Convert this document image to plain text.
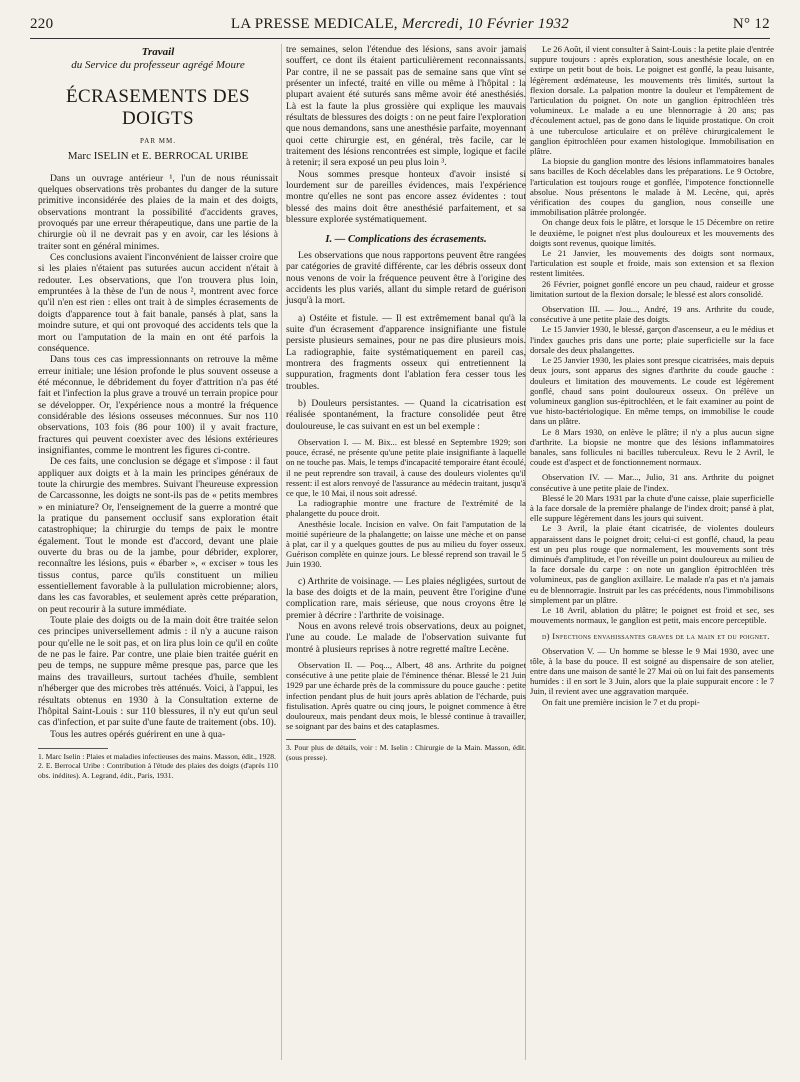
220	LA PRESSE MEDICALE, Mercredi, 10 Février 1932	N° 12
Travail
du Service du professeur agrégé Moure
ÉCRASEMENTS DES DOIGTS
PAR MM.
Marc ISELIN et E. BERROCAL URIBE

Dans un ouvrage antérieur ¹, l'un de nous réunissait quelques observations très probantes du danger de la suture primitive inconsidérée des plaies de la main et des doigts, observations montrant la possibilité d'accidents graves, provoqués par une erreur thérapeutique, dans une partie de la chirurgie où il ne devrait pas y en avoir, car les lésions à traiter sont en général minimes.

Ces conclusions avaient l'inconvénient de laisser croire que si les plaies n'étaient pas suturées aucun accident n'était à redouter. Les observations, que l'on trouvera plus loin, empruntées à la thèse de l'un de nous ², montrent avec force qu'il n'en est rien : elles ont trait à de simples écrasements de doigts d'apparence tout à fait banale, pansés à plat, sans la moindre suture, et qui ont provoqué des accidents tels que la mort ou l'amputation de la main en ont été parfois la conséquence.

Dans tous ces cas impressionnants on retrouve la même erreur initiale; une lésion profonde le plus souvent osseuse a été méconnue, le débridement du foyer d'attrition n'a pas été fait et l'infection la plus grave a trouvé un terrain propice pour se développer. Or, l'expérience nous a montré la fréquence considérable des lésions osseuses méconnues. Sur nos 110 observations, 103 fois (86 pour 100) il y avait fracture, fractures qui peuvent coexister avec des lésions extérieures insignifiantes, comme le montrent les figures ci-contre.

De ces faits, une conclusion se dégage et s'impose : il faut appliquer aux doigts et à la main les principes généraux de toute la chirurgie des membres. Suivant l'heureuse expression de Carcassonne, les doigts ne sont-ils pas de « petits membres » en miniature? Or, l'enseignement de la guerre a montré que la pratique du pansement occlusif sans exploration était catastrophique; la chirurgie du temps de paix le montre également. Tout le monde est d'accord, devant une plaie ouverte du bras ou de la jambe, pour débrider, explorer, reconnaître les lésions, puis « ébarber », « exciser » tous les tissus contus, parce qu'ils constituent un milieu essentiellement favorable à la pullulation microbienne; alors, dans les cas favorables, et seulement après cette préparation, on peut recourir à la suture immédiate.

Toute plaie des doigts ou de la main doit être traitée selon ces principes universellement admis : il n'y a aucune raison pour qu'elle ne le soit pas, et on lira plus loin ce qu'il en coûte de ne pas le faire. Par contre, une plaie bien traitée guérit en peu de temps, ne suppure même presque pas, parce que les mains des travailleurs, surtout tachées d'huile, semblent n'héberger que des microbes très atténués. Voici, à l'appui, les résultats obtenus en 1930 à la Consultation externe de l'hôpital Saint-Louis : sur 110 blessures, il n'y eut qu'un seul cas d'infection, et par suite d'une faute de traitement (obs. 10).

Tous les autres opérés guérirent en une à qua-

1. Marc Iselin : Plaies et maladies infectieuses des mains. Masson, édit., 1928.

2. E. Berrocal Uribe : Contribution à l'étude des plaies des doigts (d'après 110 obs. inédites). A. Legrand, édit., Paris, 1931.

tre semaines, selon l'étendue des lésions, sans avoir jamais souffert, ce dont ils étaient particulièrement reconnaissants. Par contre, il ne se passait pas de semaine sans que vînt se présenter un infecté, traité en ville ou même à l'hôpital : la plupart avaient été suturés sans même avoir été anesthésiés. Là est la faute la plus grossière qui explique les mauvais résultats de blessures des doigts : on ne peut faire l'exploration que nous demandons, sans une anesthésie parfaite, moyennant quoi cette chirurgie est, en général, très facile, car le traitement des lésions rencontrées est simple, logique et facile à retenir; il sera exposé un peu plus loin ³.

Nous sommes presque honteux d'avoir insisté si lourdement sur de pareilles évidences, mais l'expérience montre qu'elles ne sont pas encore assez évidentes : tout blessé des mains doit être anesthésié parfaitement, et sa blessure explorée systématiquement.

I. — Complications des écrasements.

Les observations que nous rapportons peuvent être rangées par catégories de gravité différente, car les débris osseux dont nous venons de voir la fréquence peuvent être à l'origine des accidents les plus variés, allant du simple retard de guérison jusqu'à la mort.

a) Ostéite et fistule. — Il est extrêmement banal qu'à la suite d'un écrasement d'apparence insignifiante une fistule persiste plusieurs semaines, pour ne pas dire plusieurs mois. La radiographie, faite systématiquement en pareil cas, montrera des fragments osseux qui entretiennent la suppuration, fragments dont l'ablation fera cesser tous les troubles.

b) Douleurs persistantes. — Quand la cicatrisation est réalisée spontanément, la fracture consolidée peut être douloureuse, le cas suivant en est un bel exemple :

Observation I. — M. Bix... est blessé en Septembre 1929; son pouce, écrasé, ne présente qu'une petite plaie insignifiante à laquelle on ne touche pas. Mais, le temps d'incapacité temporaire étant écoulé, il ne peut reprendre son travail, à cause des douleurs violentes qu'il ressent: il est alors renvoyé de l'assurance au médecin traitant, jusqu'à ce que, le 10 Mai, il nous soit adressé.

La radiographie montre une fracture de l'extrémité de la phalangette du pouce droit.

Anesthésie locale. Incision en valve. On fait l'amputation de la moitié supérieure de la phalangette; on laisse une mèche et on panse à plat, car il y a quelques gouttes de pus au milieu du foyer osseux. Guérison complète en quinze jours. Le blessé reprend son travail le 5 Juin 1930.

c) Arthrite de voisinage. — Les plaies négligées, surtout de la base des doigts et de la main, peuvent être l'origine d'une complication rare, mais sérieuse, que nous croyons être le premier à décrire : l'arthrite de voisinage.

Nous en avons relevé trois observations, deux au poignet, l'une au coude. Le malade de l'observation suivante fut montré à plusieurs reprises à notre regretté maître Lecène.

Observation II. — Poq..., Albert, 48 ans. Arthrite du poignet consécutive à une petite plaie de l'éminence thénar. Blessé le 21 Juin 1929 par une écharde près de la commissure du pouce gauche : petite infection pendant plus de huit jours après ablation de l'écharde, puis fistulisation. Après quatre ou cinq jours, le poignet commence à être douloureux, mais pendant deux mois, le blessé continue à travailler, se soignant par des bains et des cataplasmes.

3. Pour plus de détails, voir : M. Iselin : Chirurgie de la Main. Masson, édit. (sous presse).

Le 26 Août, il vient consulter à Saint-Louis : la petite plaie d'entrée suppure toujours : après exploration, sous anesthésie locale, on en extirpe un petit bout de bois. Le poignet est gonflé, la peau luisante, légèrement œdémateuse, les mouvements très limités, surtout la flexion dorsale. La palpation montre la douleur et l'empâtement de l'articulation du poignet. On note un ganglion épitrochléen très volumineux. Le malade a eu une blennorragie à 20 ans; pas d'écoulement actuel, pas de gono dans le liquide prostatique. On croit à une tuberculose articulaire et on prélève chirurgicalement le ganglion épitrochléen pour examen histologique. Immobilisation en plâtre.

La biopsie du ganglion montre des lésions inflammatoires banales sans bacilles de Koch décelables dans les préparations. Le 9 Octobre, l'articulation est toujours rouge et gonflée, l'impotence fonctionnelle absolue. Nous présentons le malade à M. Lecène, qui, après vérification des coupes du ganglion, nous conseille une immobilisation plâtrée prolongée.

On change deux fois le plâtre, et lorsque le 15 Décembre on retire le deuxième, le poignet n'est plus douloureux et les mouvements des doigts sont revenus, quoique limités.

Le 21 Janvier, les mouvements des doigts sont normaux, l'articulation est souple et froide, mais son extension et sa flexion restent limitées.

26 Février, poignet gonflé encore un peu chaud, raideur et grosse limitation surtout de la flexion dorsale; le blessé est alors consolidé.

Observation III. — Jou..., André, 19 ans. Arthrite du coude, consécutive à une petite plaie des doigts.

Le 15 Janvier 1930, le blessé, garçon d'ascenseur, a eu le médius et l'index gauches pris dans une porte; plaie superficielle sur la face dorsale des deux phalangettes.

Le 25 Janvier 1930, les plaies sont presque cicatrisées, mais depuis deux jours, sont apparus des signes d'arthrite du coude gauche : douleurs et limitation des mouvements. Le coude est légèrement gonflé, chaud sans point douloureux osseux. On prélève un volumineux ganglion sus-épitrochléen, et le fait examiner au point de vue histo-bactériologique. En même temps, on immobilise le coude dans un plâtre.

Le 8 Mars 1930, on enlève le plâtre; il n'y a plus aucun signe d'arthrite. La biopsie ne montre que des lésions inflammatoires banales, sans follicules ni bacilles tuberculeux. Revu le 2 Avril, le coude est d'aspect et de fonctionnement normaux.

Observation IV. — Mar..., Julio, 31 ans. Arthrite du poignet consécutive à une petite plaie de l'index.

Blessé le 20 Mars 1931 par la chute d'une caisse, plaie superficielle à la face dorsale de la première phalange de l'index droit; pansé à plat, elle suppure légèrement dans les jours qui suivent.

Le 3 Avril, la plaie étant cicatrisée, de violentes douleurs apparaissent dans le poignet droit; celui-ci est gonflé, chaud, la peau est un peu plus rouge que normalement, les mouvements sont très diminués d'amplitude, et l'on réveille un point douloureux au milieu de la face dorsale du carpe : on note un ganglion épitrochléen très volumineux, pas de ganglion axillaire. Le malade n'a pas et n'a jamais eu de blennorragie. Instruit par les cas précédents, nous l'immobilisons simplement par un plâtre.

Le 18 Avril, ablation du plâtre; le poignet est froid et sec, ses mouvements normaux, le ganglion est petit, mais encore perceptible.

d) Infections envahissantes graves de la main et du poignet.

Observation V. — Un homme se blesse le 9 Mai 1930, avec une tôle, à la base du pouce. Il est soigné au dispensaire de son atelier, entre dans une maison de santé le 27 Mai où on lui fait des pansements humides : il en sort le 3 Juin, alors que la plaie suppurait encore : le 7 Juin, il revient avec une aggravation marquée.

On fait une première incision le 7 et du propi-
